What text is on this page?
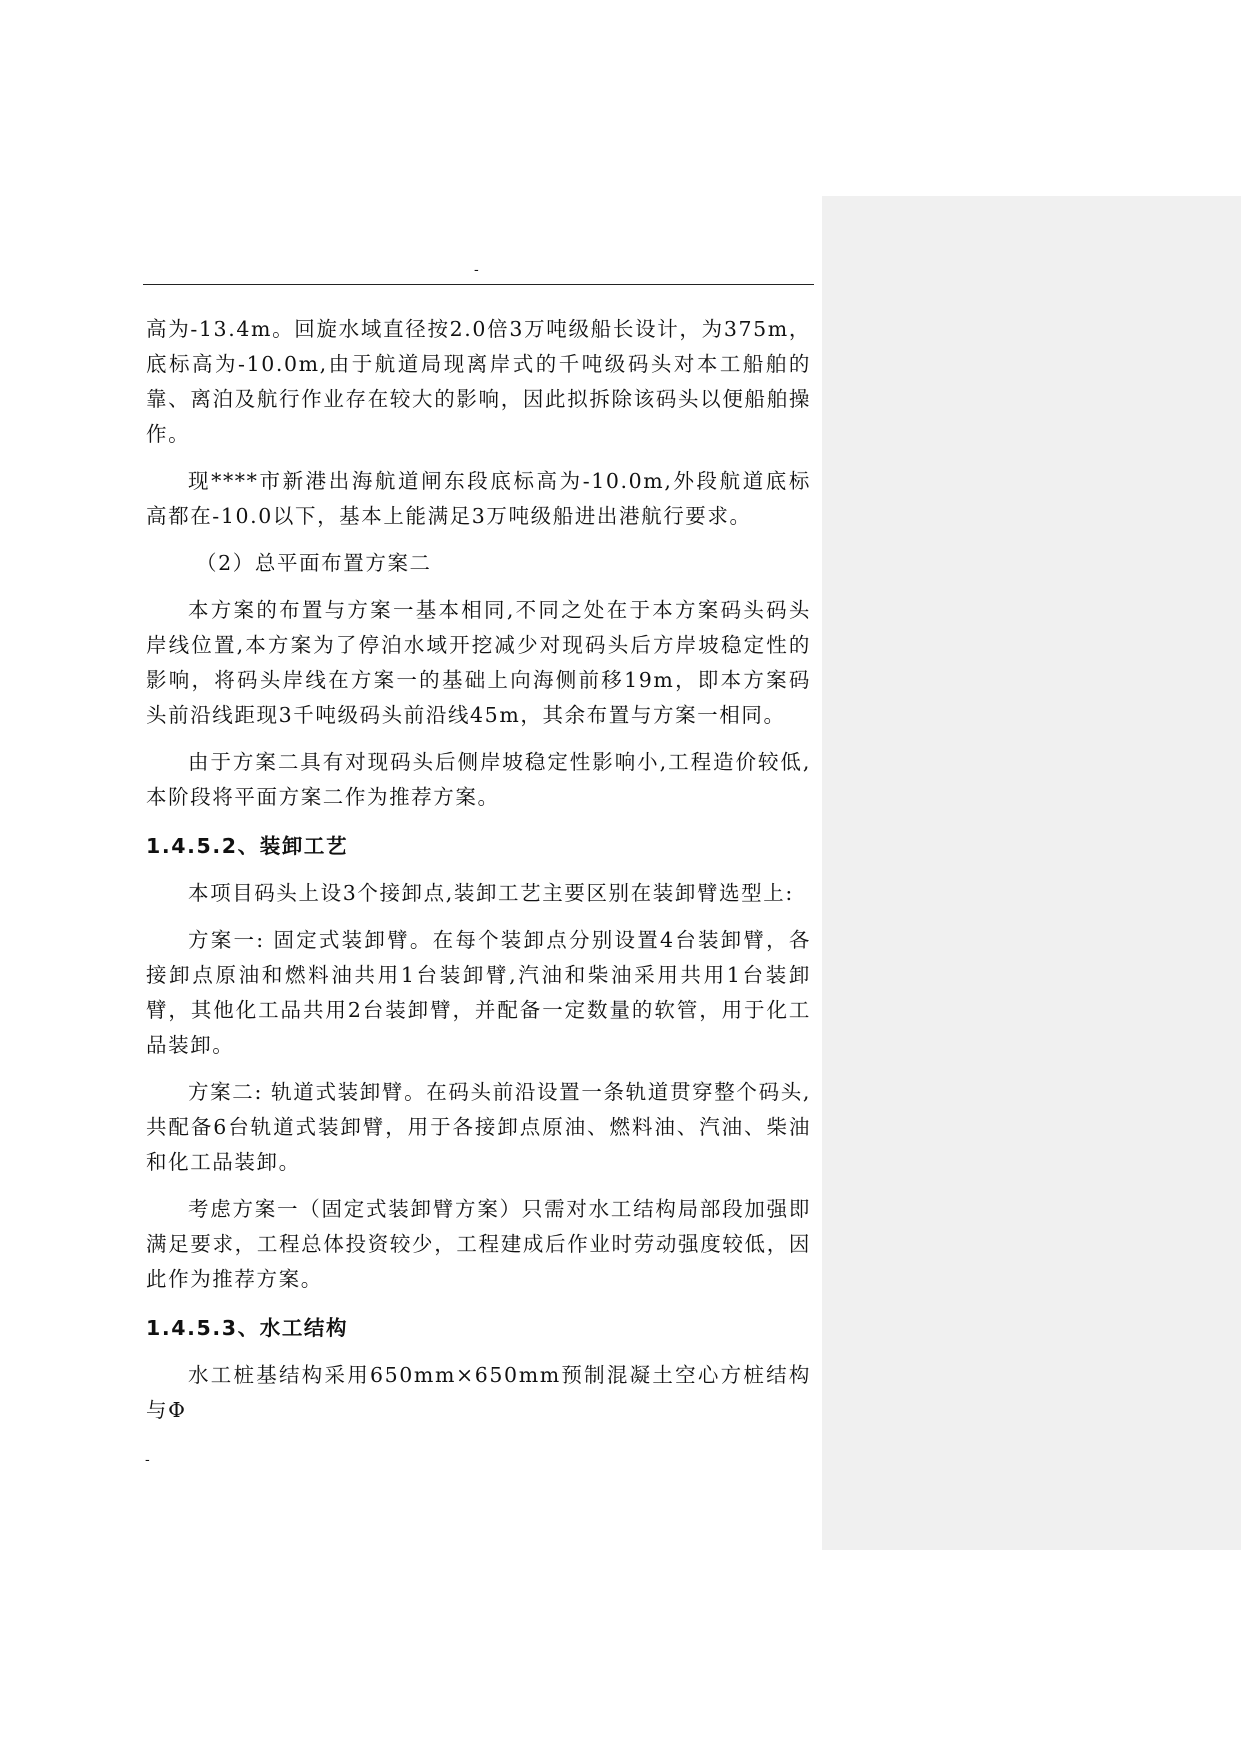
-

高为-13.4m。回旋水域直径按2.0倍3万吨级船长设计，为375m，底标高为-10.0m,由于航道局现离岸式的千吨级码头对本工船舶的靠、离泊及航行作业存在较大的影响，因此拟拆除该码头以便船舶操作。

现****市新港出海航道闸东段底标高为-10.0m,外段航道底标高都在-10.0以下，基本上能满足3万吨级船进出港航行要求。

（2）总平面布置方案二

本方案的布置与方案一基本相同,不同之处在于本方案码头码头岸线位置,本方案为了停泊水域开挖减少对现码头后方岸坡稳定性的影响，将码头岸线在方案一的基础上向海侧前移19m，即本方案码头前沿线距现3千吨级码头前沿线45m，其余布置与方案一相同。

由于方案二具有对现码头后侧岸坡稳定性影响小,工程造价较低,本阶段将平面方案二作为推荐方案。

1.4.5.2、装卸工艺

本项目码头上设3个接卸点,装卸工艺主要区别在装卸臂选型上:

方案一: 固定式装卸臂。在每个装卸点分别设置4台装卸臂，各接卸点原油和燃料油共用1台装卸臂,汽油和柴油采用共用1台装卸臂，其他化工品共用2台装卸臂，并配备一定数量的软管，用于化工品装卸。

方案二: 轨道式装卸臂。在码头前沿设置一条轨道贯穿整个码头,共配备6台轨道式装卸臂，用于各接卸点原油、燃料油、汽油、柴油和化工品装卸。

考虑方案一（固定式装卸臂方案）只需对水工结构局部段加强即满足要求，工程总体投资较少，工程建成后作业时劳动强度较低，因此作为推荐方案。

1.4.5.3、水工结构

水工桩基结构采用650mm×650mm预制混凝土空心方桩结构与Φ

-
